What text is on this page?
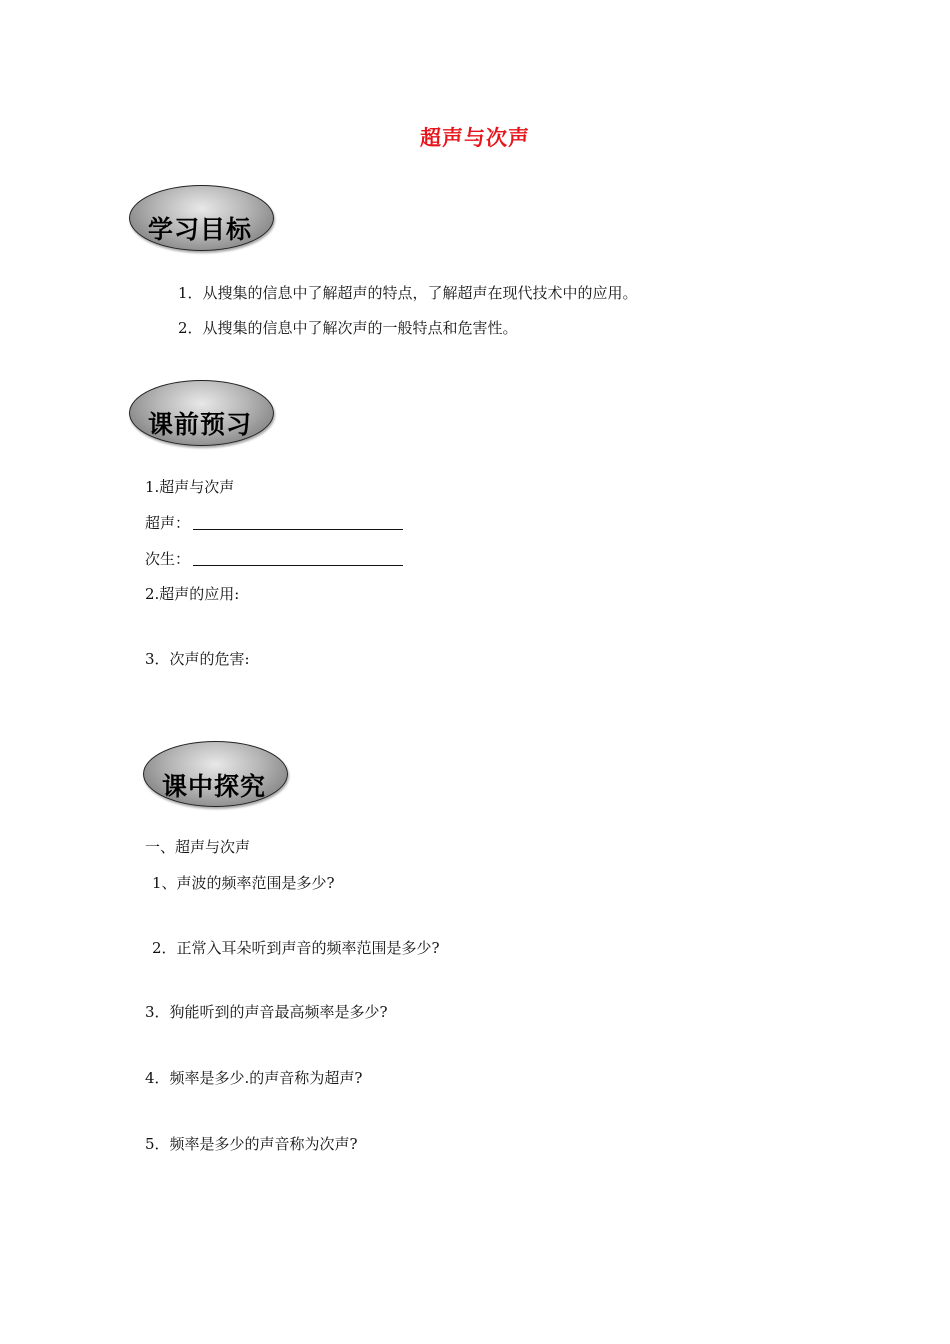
超声与次声
学习目标
1．从搜集的信息中了解超声的特点，了解超声在现代技术中的应用。
2．从搜集的信息中了解次声的一般特点和危害性。
课前预习
1.超声与次声
超声：
次生：
2.超声的应用:
3．次声的危害:
课中探究
一、超声与次声
1、声波的频率范围是多少?
2．正常入耳朵听到声音的频率范围是多少?
3．狗能听到的声音最高频率是多少?
4．频率是多少.的声音称为超声?
5．频率是多少的声音称为次声?
